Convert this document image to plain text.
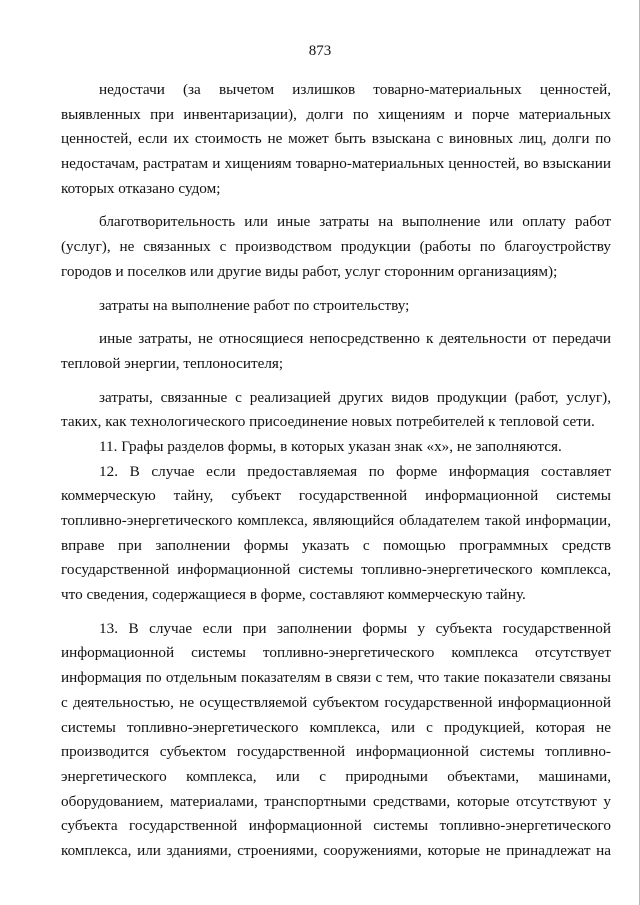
873
недостачи (за вычетом излишков товарно-материальных ценностей,
выявленных при инвентаризации), долги по хищениям и порче материальных
ценностей, если их стоимость не может быть взыскана с виновных лиц, долги по
недостачам, растратам и хищениям товарно-материальных ценностей, во взыскании
которых отказано судом;
благотворительность или иные затраты на выполнение или оплату работ
(услуг), не связанных с производством продукции (работы по благоустройству
городов и поселков или другие виды работ, услуг сторонним организациям);
затраты на выполнение работ по строительству;
иные затраты, не относящиеся непосредственно к деятельности от передачи
тепловой энергии, теплоносителя;
затраты, связанные с реализацией других видов продукции (работ, услуг),
таких, как технологического присоединение новых потребителей к тепловой сети.
11. Графы разделов формы, в которых указан знак «х», не заполняются.
12. В случае если предоставляемая по форме информация составляет
коммерческую тайну, субъект государственной информационной системы
топливно-энергетического комплекса, являющийся обладателем такой информации,
вправе при заполнении формы указать с помощью программных средств
государственной информационной системы топливно-энергетического комплекса,
что сведения, содержащиеся в форме, составляют коммерческую тайну.
13. В случае если при заполнении формы у субъекта государственной
информационной системы топливно-энергетического комплекса отсутствует
информация по отдельным показателям в связи с тем, что такие показатели связаны
с деятельностью, не осуществляемой субъектом государственной информационной
системы топливно-энергетического комплекса, или с продукцией, которая не
производится субъектом государственной информационной системы топливно-
энергетического комплекса, или с природными объектами, машинами,
оборудованием, материалами, транспортными средствами, которые отсутствуют у
субъекта государственной информационной системы топливно-энергетического
комплекса, или зданиями, строениями, сооружениями, которые не принадлежат на
